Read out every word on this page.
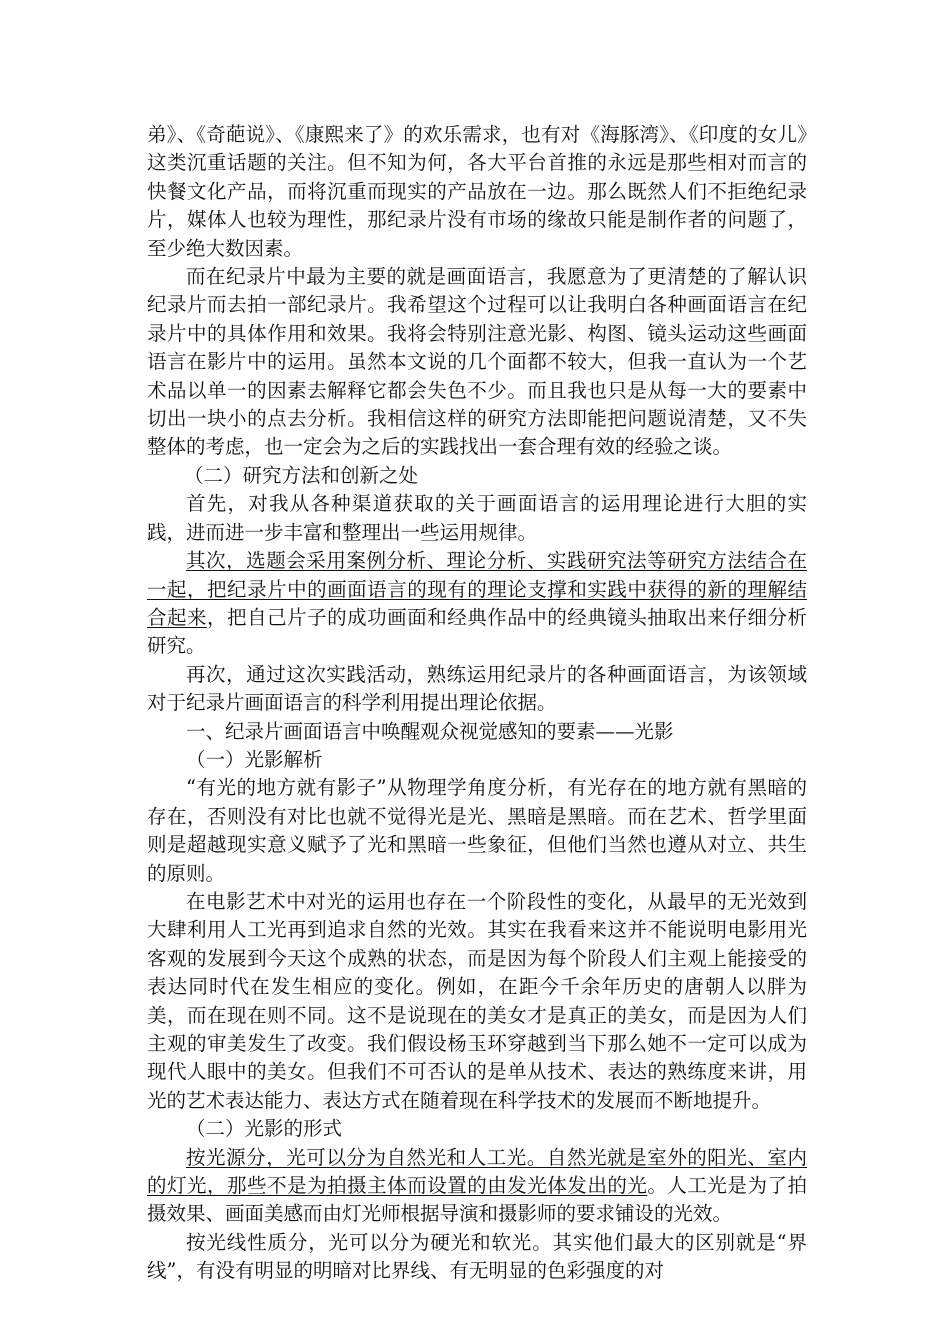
弟》、《奇葩说》、《康熙来了》的欢乐需求，也有对《海豚湾》、《印度的女儿》这类沉重话题的关注。但不知为何，各大平台首推的永远是那些相对而言的快餐文化产品，而将沉重而现实的产品放在一边。那么既然人们不拒绝纪录片，媒体人也较为理性，那纪录片没有市场的缘故只能是制作者的问题了，至少绝大数因素。

而在纪录片中最为主要的就是画面语言，我愿意为了更清楚的了解认识纪录片而去拍一部纪录片。我希望这个过程可以让我明白各种画面语言在纪录片中的具体作用和效果。我将会特别注意光影、构图、镜头运动这些画面语言在影片中的运用。虽然本文说的几个面都不较大，但我一直认为一个艺术品以单一的因素去解释它都会失色不少。而且我也只是从每一大的要素中切出一块小的点去分析。我相信这样的研究方法即能把问题说清楚，又不失整体的考虑，也一定会为之后的实践找出一套合理有效的经验之谈。

（二）研究方法和创新之处

首先，对我从各种渠道获取的关于画面语言的运用理论进行大胆的实践，进而进一步丰富和整理出一些运用规律。

其次，选题会采用案例分析、理论分析、实践研究法等研究方法结合在一起，把纪录片中的画面语言的现有的理论支撑和实践中获得的新的理解结合起来，把自己片子的成功画面和经典作品中的经典镜头抽取出来仔细分析研究。

再次，通过这次实践活动，熟练运用纪录片的各种画面语言，为该领域对于纪录片画面语言的科学利用提出理论依据。

一、纪录片画面语言中唤醒观众视觉感知的要素——光影

（一）光影解析

“有光的地方就有影子”从物理学角度分析，有光存在的地方就有黑暗的存在，否则没有对比也就不觉得光是光、黑暗是黑暗。而在艺术、哲学里面则是超越现实意义赋予了光和黑暗一些象征，但他们当然也遵从对立、共生的原则。

在电影艺术中对光的运用也存在一个阶段性的变化，从最早的无光效到大肆利用人工光再到追求自然的光效。其实在我看来这并不能说明电影用光客观的发展到今天这个成熟的状态，而是因为每个阶段人们主观上能接受的表达同时代在发生相应的变化。例如，在距今千余年历史的唐朝人以胖为美，而在现在则不同。这不是说现在的美女才是真正的美女，而是因为人们主观的审美发生了改变。我们假设杨玉环穿越到当下那么她不一定可以成为现代人眼中的美女。但我们不可否认的是单从技术、表达的熟练度来讲，用光的艺术表达能力、表达方式在随着现在科学技术的发展而不断地提升。

（二）光影的形式

按光源分，光可以分为自然光和人工光。自然光就是室外的阳光、室内的灯光，那些不是为拍摄主体而设置的由发光体发出的光。人工光是为了拍摄效果、画面美感而由灯光师根据导演和摄影师的要求铺设的光效。

按光线性质分，光可以分为硬光和软光。其实他们最大的区别就是“界线”，有没有明显的明暗对比界线、有无明显的色彩强度的对
